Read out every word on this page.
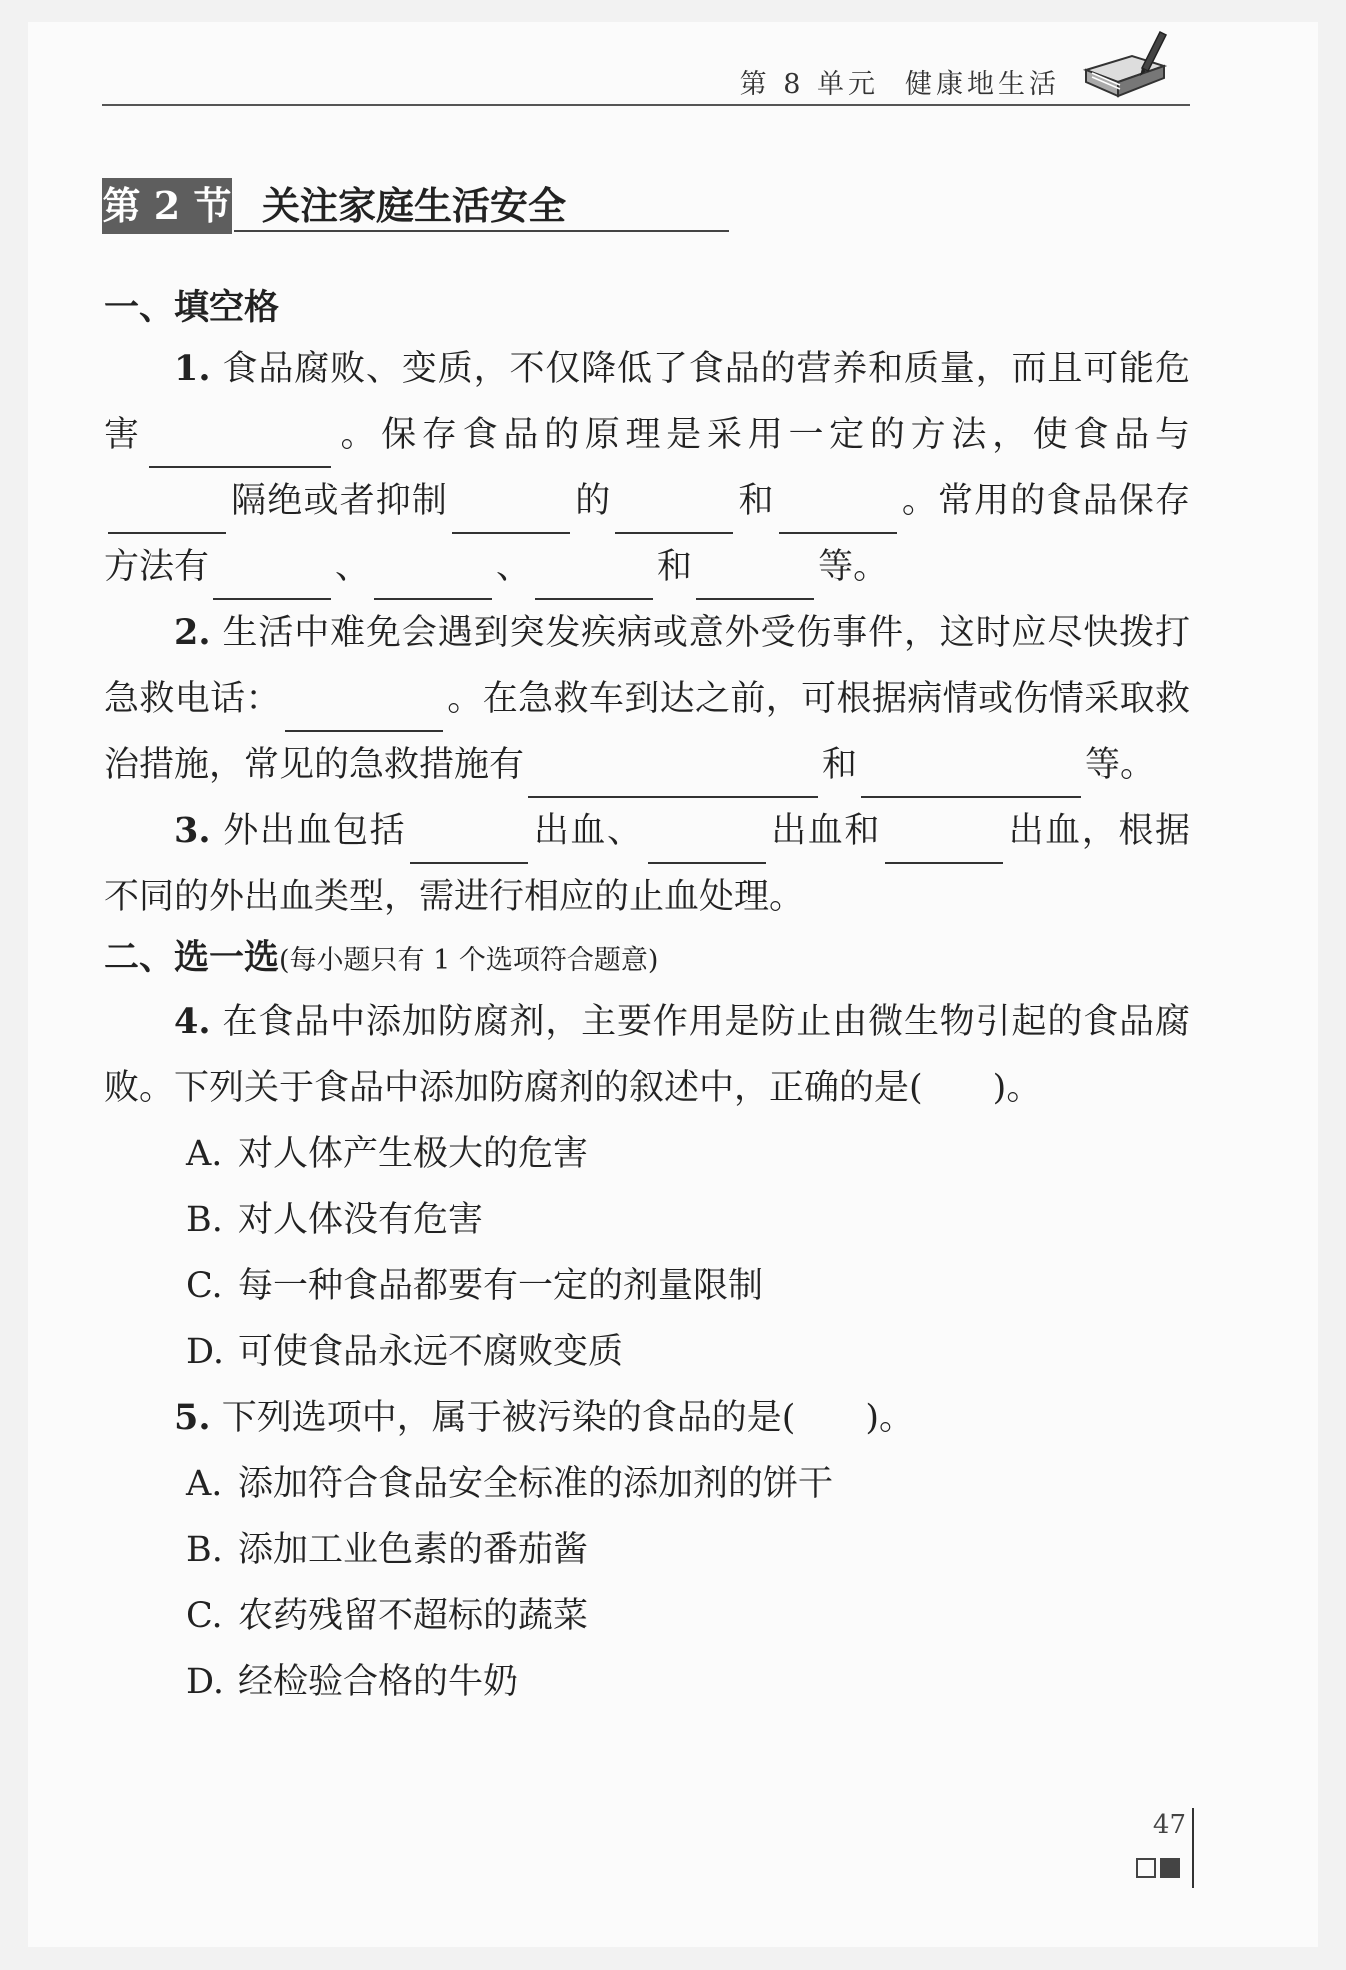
第 8 单元 健康地生活
第 2 节 关注家庭生活安全
一、填空格
1. 食品腐败、变质，不仅降低了食品的营养和质量，而且可能危害	。保存食品的原理是采用一定的方法，使食品与隔绝或者抑制	的	和	。常用的食品保存方法有	、	、	和	等。
2. 生活中难免会遇到突发疾病或意外受伤事件，这时应尽快拨打急救电话：	。在急救车到达之前，可根据病情或伤情采取救治措施，常见的急救措施有	和	等。
3. 外出血包括	出血、	出血和	出血，根据不同的外出血类型，需进行相应的止血处理。
二、选一选(每小题只有 1 个选项符合题意)
4. 在食品中添加防腐剂，主要作用是防止由微生物引起的食品腐败。下列关于食品中添加防腐剂的叙述中，正确的是( )。
A. 对人体产生极大的危害
B. 对人体没有危害
C. 每一种食品都要有一定的剂量限制
D. 可使食品永远不腐败变质
5. 下列选项中，属于被污染的食品的是( )。
A. 添加符合食品安全标准的添加剂的饼干
B. 添加工业色素的番茄酱
C. 农药残留不超标的蔬菜
D. 经检验合格的牛奶
47
